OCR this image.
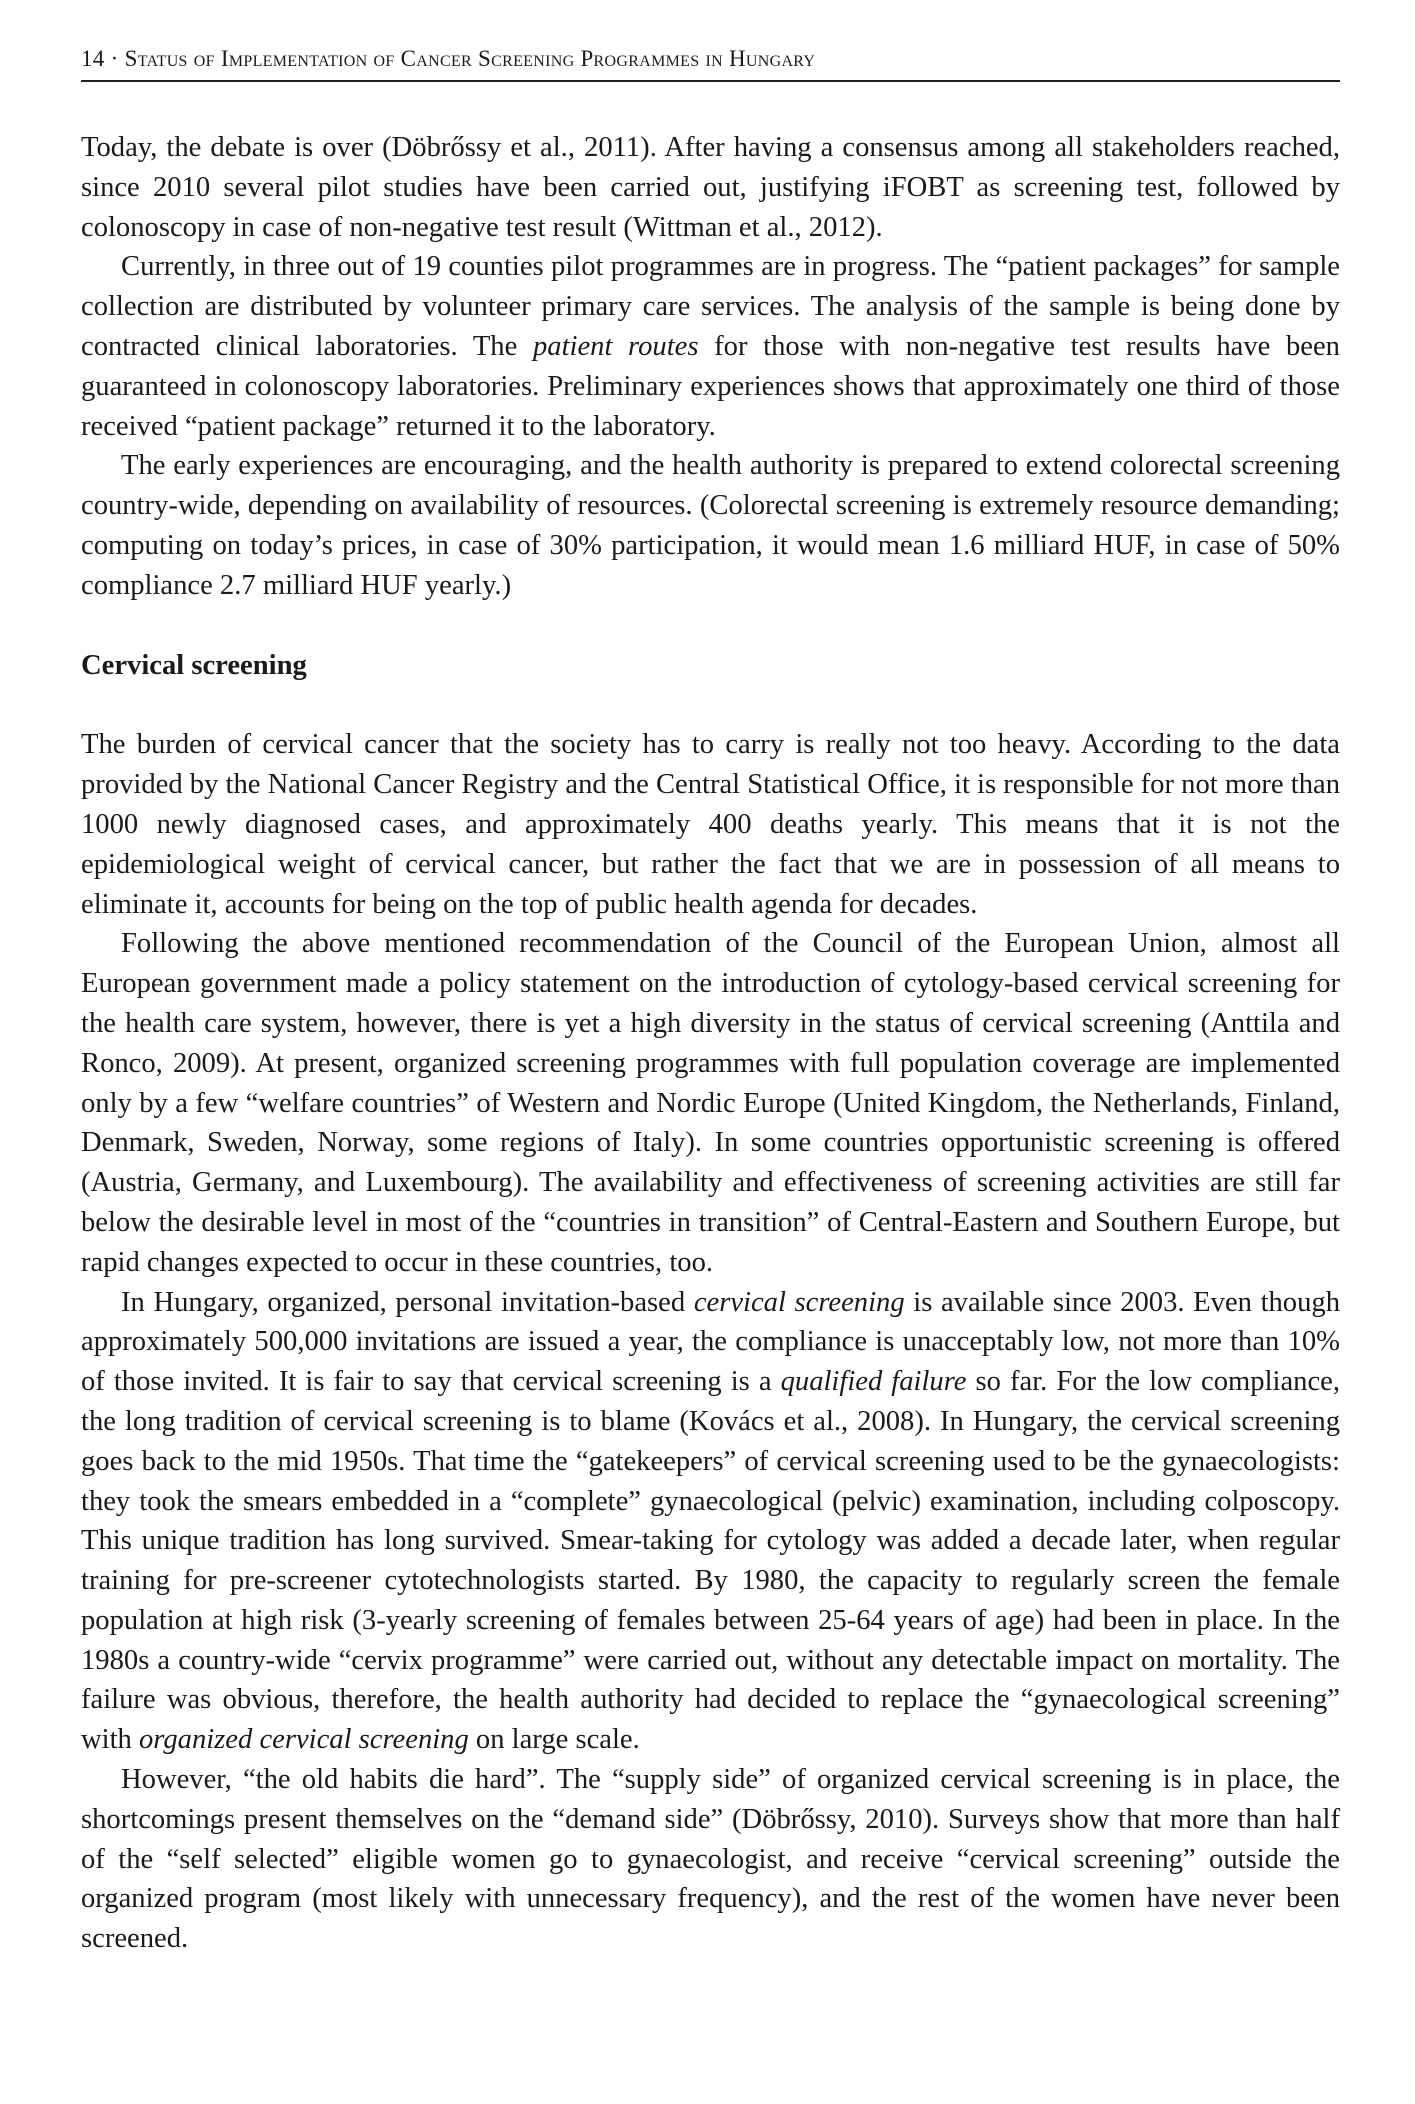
14 · Status of Implementation of Cancer Screening Programmes in Hungary

Today, the debate is over (Döbrőssy et al., 2011). After having a consensus among all stakeholders reached, since 2010 several pilot studies have been carried out, justifying iFOBT as screening test, followed by colonoscopy in case of non-negative test result (Wittman et al., 2012).

Currently, in three out of 19 counties pilot programmes are in progress. The “patient packages” for sample collection are distributed by volunteer primary care services. The analysis of the sample is being done by contracted clinical laboratories. The patient routes for those with non-negative test results have been guaranteed in colonoscopy laboratories. Preliminary experiences shows that approximately one third of those received “patient package” returned it to the laboratory.

The early experiences are encouraging, and the health authority is prepared to extend colorectal screening country-wide, depending on availability of resources. (Colorectal screening is extremely resource demanding; computing on today’s prices, in case of 30% participation, it would mean 1.6 milliard HUF, in case of 50% compliance 2.7 milliard HUF yearly.)

Cervical screening

The burden of cervical cancer that the society has to carry is really not too heavy. According to the data provided by the National Cancer Registry and the Central Statistical Office, it is responsible for not more than 1000 newly diagnosed cases, and approximately 400 deaths yearly. This means that it is not the epidemiological weight of cervical cancer, but rather the fact that we are in possession of all means to eliminate it, accounts for being on the top of public health agenda for decades.

Following the above mentioned recommendation of the Council of the European Union, almost all European government made a policy statement on the introduction of cytology-based cervical screening for the health care system, however, there is yet a high diversity in the status of cervical screening (Anttila and Ronco, 2009). At present, organized screening programmes with full population coverage are implemented only by a few “welfare countries” of Western and Nordic Europe (United Kingdom, the Netherlands, Finland, Denmark, Sweden, Norway, some regions of Italy). In some countries opportunistic screening is offered (Austria, Germany, and Luxembourg). The availability and effectiveness of screening activities are still far below the desirable level in most of the “countries in transition” of Central-Eastern and Southern Europe, but rapid changes expected to occur in these countries, too.

In Hungary, organized, personal invitation-based cervical screening is available since 2003. Even though approximately 500,000 invitations are issued a year, the compliance is unacceptably low, not more than 10% of those invited. It is fair to say that cervical screening is a qualified failure so far. For the low compliance, the long tradition of cervical screening is to blame (Kovács et al., 2008). In Hungary, the cervical screening goes back to the mid 1950s. That time the “gatekeepers” of cervical screening used to be the gynaecologists: they took the smears embedded in a “complete” gynaecological (pelvic) examination, including colposcopy. This unique tradition has long survived. Smear-taking for cytology was added a decade later, when regular training for pre-screener cytotechnologists started. By 1980, the capacity to regularly screen the female population at high risk (3-yearly screening of females between 25-64 years of age) had been in place. In the 1980s a country-wide “cervix programme” were carried out, without any detectable impact on mortality. The failure was obvious, therefore, the health authority had decided to replace the “gynaecological screening” with organized cervical screening on large scale.

However, “the old habits die hard”. The “supply side” of organized cervical screening is in place, the shortcomings present themselves on the “demand side” (Döbrőssy, 2010). Surveys show that more than half of the “self selected” eligible women go to gynaecologist, and receive “cervical screening” outside the organized program (most likely with unnecessary frequency), and the rest of the women have never been screened.
